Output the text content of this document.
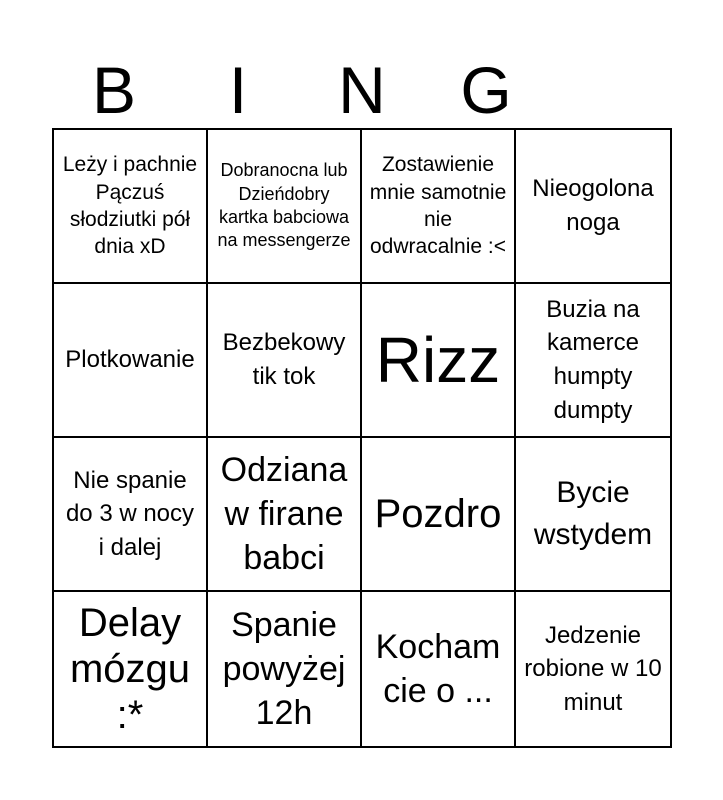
B	I	N	G
Leży i pachnie Pączuś słodziutki pół dnia xD
Dobranocna lub Dzieńdobry kartka babciowa na messengerze
Zostawienie mnie samotnie nie odwracalnie :<
Nieogolona noga
Plotkowanie
Bezbekowy tik tok Rizz
Buzia na kamerce humpty dumpty
Nie spanie do 3 w nocy i dalej
Odziana w firane babci
Pozdro	Bycie wstydem
Delay mózgu :*
Spanie powyżej 12h
Kocham cie o ...
Jedzenie robione w 10 minut
